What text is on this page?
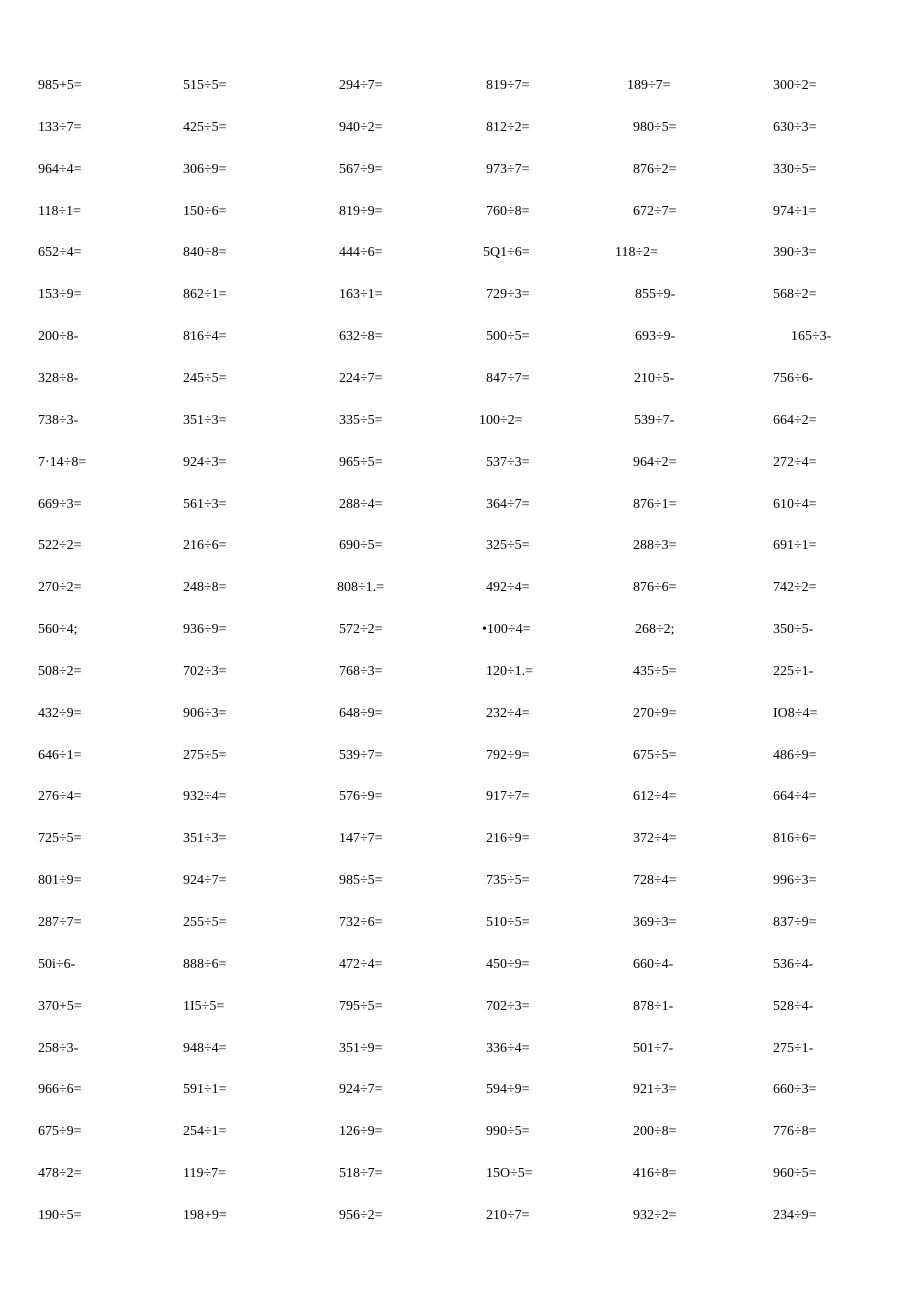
985+5=	515÷5=	294÷7=	819÷7=	189÷7=	300÷2=
133÷7=	425÷5=	940÷2=	812÷2=	980÷5=	630÷3=
964÷4=	306÷9=	567÷9=	973÷7=	876÷2=	330÷5=
118÷1=	150÷6=	819÷9=	760÷8=	672÷7=	974÷1=
652÷4=	840÷8=	444÷6=	5Q1÷6=	118÷2=	390÷3=
153÷9=	862÷1=	163÷1=	729÷3=	855÷9-	568÷2=
200÷8-	816÷4=	632÷8=	500÷5=	693÷9-	165÷3-
328÷8-	245÷5=	224÷7=	847÷7=	210÷5-	756÷6-
738÷3-	351÷3=	335÷5=	100÷2=	539÷7-	664÷2=
7·14÷8=	924÷3=	965÷5=	537÷3=	964÷2=	272÷4=
669÷3=	561÷3=	288÷4=	364÷7=	876÷1=	610÷4=
522÷2=	216÷6=	690÷5=	325÷5=	288÷3=	691÷1=
270÷2=	248÷8=	808÷1.=	492÷4=	876÷6=	742÷2=
560÷4;	936÷9=	572÷2=	•100÷4=	268÷2;	350÷5-
508÷2=	702÷3=	768÷3=	120÷1.=	435÷5=	225÷1-
432÷9=	906÷3=	648÷9=	232÷4=	270÷9=	IO8÷4=
646÷1=	275÷5=	539÷7=	792÷9=	675÷5=	486÷9=
276÷4=	932÷4=	576÷9=	917÷7=	612÷4=	664÷4=
725÷5=	351÷3=	147÷7=	216÷9=	372÷4=	816÷6=
801÷9=	924÷7=	985÷5=	735÷5=	728÷4=	996÷3=
287÷7=	255÷5=	732÷6=	510÷5=	369÷3=	837÷9=
50i÷6-	888÷6=	472÷4=	450÷9=	660÷4-	536÷4-
370+5=	1I5÷5=	795÷5=	702÷3=	878÷1-	528÷4-
258÷3-	948÷4=	351÷9=	336÷4=	501÷7-	275÷1-
966÷6=	591÷1=	924÷7=	594÷9=	921÷3=	660÷3=
675÷9=	254÷1=	126÷9=	990÷5=	200÷8=	776÷8=
478÷2=	119÷7=	518÷7=	15O÷5=	416÷8=	960÷5=
190÷5=	198+9=	956÷2=	210÷7=	932÷2=	234÷9=
